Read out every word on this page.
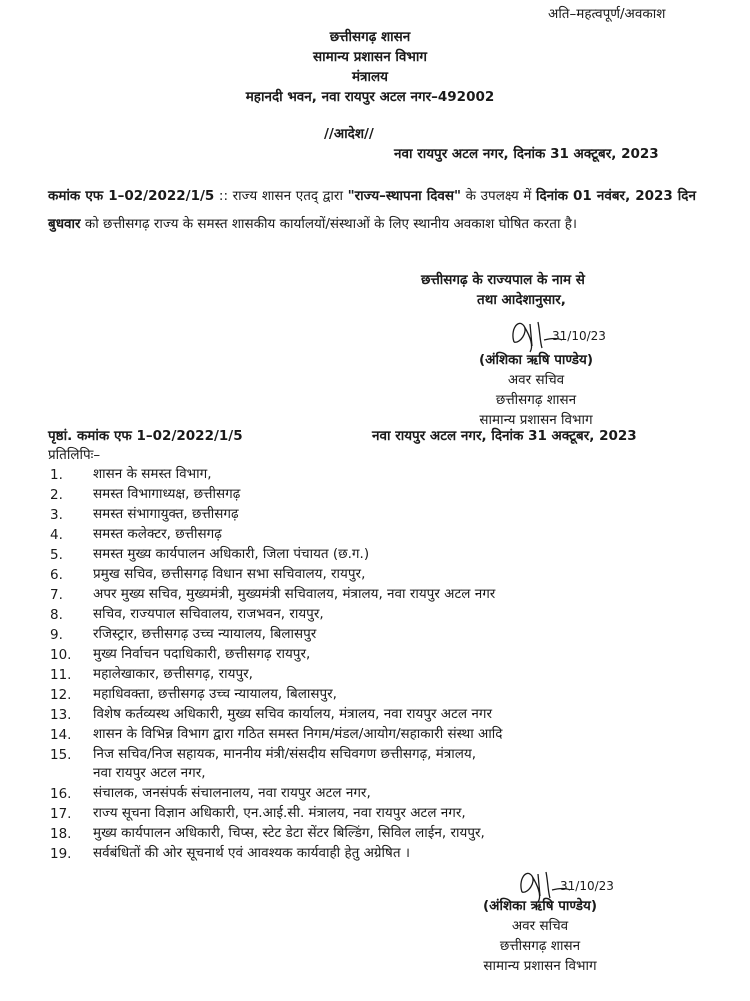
अति–महत्वपूर्ण/अवकाश
छत्तीसगढ़ शासन
सामान्य प्रशासन विभाग
मंत्रालय
महानदी भवन, नवा रायपुर अटल नगर–492002
//आदेश//
नवा रायपुर अटल नगर, दिनांक 31 अक्टूबर, 2023
कमांक एफ 1–02/2022/1/5 :: राज्य शासन एतद् द्वारा "राज्य–स्थापना दिवस" के उपलक्ष्य में दिनांक 01 नवंबर, 2023 दिन बुधवार को छत्तीसगढ़ राज्य के समस्त शासकीय कार्यालयों/संस्थाओं के लिए स्थानीय अवकाश घोषित करता है।
छत्तीसगढ़ के राज्यपाल के नाम से
तथा आदेशानुसार,
31/10/23
(अंशिका ऋषि पाण्डेय)
अवर सचिव
छत्तीसगढ़ शासन
सामान्य प्रशासन विभाग
पृष्ठां. कमांक एफ 1–02/2022/1/5	नवा रायपुर अटल नगर, दिनांक 31 अक्टूबर, 2023
प्रतिलिपिः–
1. शासन के समस्त विभाग,
2. समस्त विभागाध्यक्ष, छत्तीसगढ़
3. समस्त संभागायुक्त, छत्तीसगढ़
4. समस्त कलेक्टर, छत्तीसगढ़
5. समस्त मुख्य कार्यपालन अधिकारी, जिला पंचायत (छ.ग.)
6. प्रमुख सचिव, छत्तीसगढ़ विधान सभा सचिवालय, रायपुर,
7. अपर मुख्य सचिव, मुख्यमंत्री, मुख्यमंत्री सचिवालय, मंत्रालय, नवा रायपुर अटल नगर
8. सचिव, राज्यपाल सचिवालय, राजभवन, रायपुर,
9. रजिस्ट्रार, छत्तीसगढ़ उच्च न्यायालय, बिलासपुर
10. मुख्य निर्वाचन पदाधिकारी, छत्तीसगढ़ रायपुर,
11. महालेखाकार, छत्तीसगढ़, रायपुर,
12. महाधिवक्ता, छत्तीसगढ़ उच्च न्यायालय, बिलासपुर,
13. विशेष कर्तव्यस्थ अधिकारी, मुख्य सचिव कार्यालय, मंत्रालय, नवा रायपुर अटल नगर
14. शासन के विभिन्न विभाग द्वारा गठित समस्त निगम/मंडल/आयोग/सहाकारी संस्था आदि
15. निज सचिव/निज सहायक, माननीय मंत्री/संसदीय सचिवगण छत्तीसगढ़, मंत्रालय,
नवा रायपुर अटल नगर,
16. संचालक, जनसंपर्क संचालनालय, नवा रायपुर अटल नगर,
17. राज्य सूचना विज्ञान अधिकारी, एन.आई.सी. मंत्रालय, नवा रायपुर अटल नगर,
18. मुख्य कार्यपालन अधिकारी, चिप्स, स्टेट डेटा सेंटर बिल्डिंग, सिविल लाईन, रायपुर,
19. सर्वबंधितों की ओर सूचनार्थ एवं आवश्यक कार्यवाही हेतु अग्रेषित ।
31/10/23
(अंशिका ऋषि पाण्डेय)
अवर सचिव
छत्तीसगढ़ शासन
सामान्य प्रशासन विभाग
